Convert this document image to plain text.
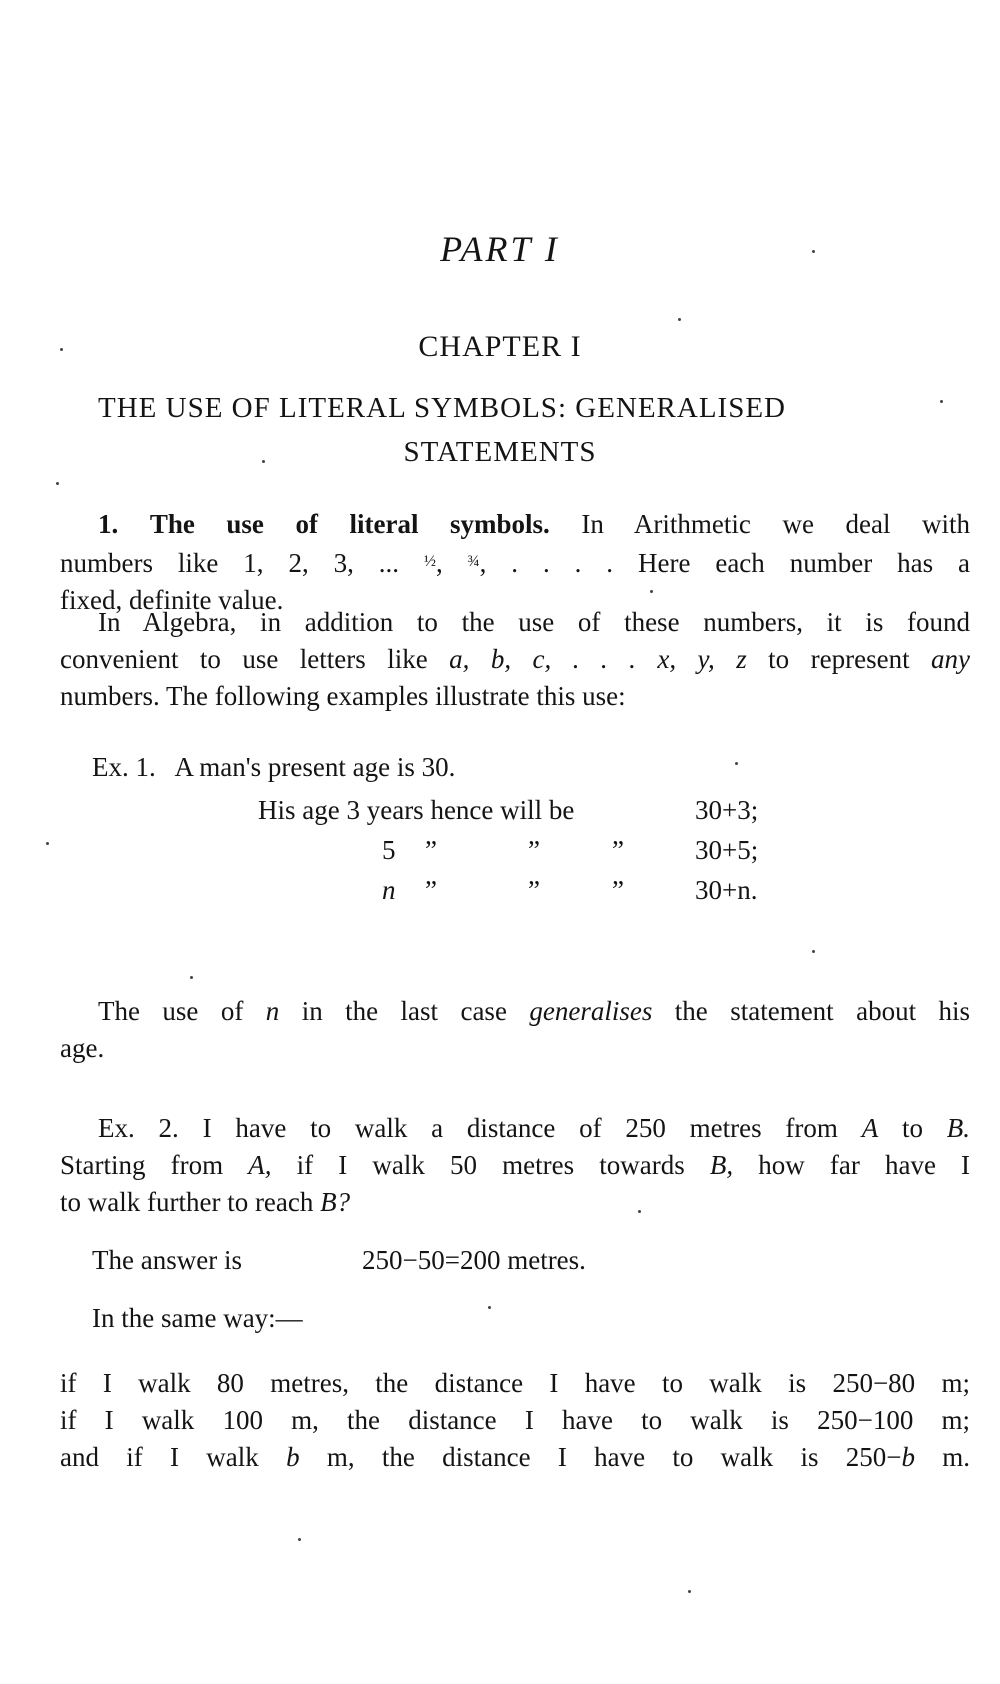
PART I
CHAPTER I
THE USE OF LITERAL SYMBOLS: GENERALISED
STATEMENTS
1. The use of literal symbols. In Arithmetic we deal with
numbers like 1, 2, 3, ... $^{\frac{1}{2}}$, $^{\frac{3}{4}}$, . . . . Here each number has a
fixed, definite value.
In Algebra, in addition to the use of these numbers, it is found
convenient to use letters like a, b, c, . . . x, y, z to represent any
numbers. The following examples illustrate this use:
Ex. 1. A man's present age is 30.
His age 3 years hence will be	30+3;
5 ”	”	”	30+5;
n ”	”	”	30+n.
The use of n in the last case generalises the statement about his
age.
Ex. 2. I have to walk a distance of 250 metres from A to B.
Starting from A, if I walk 50 metres towards B, how far have I
to walk further to reach B?
The answer is	250−50=200 metres.
In the same way:—
if I walk 80 metres, the distance I have to walk is 250−80 m;
if I walk 100 m, the distance I have to walk is 250−100 m;
and if I walk b m, the distance I have to walk is 250−b m.
